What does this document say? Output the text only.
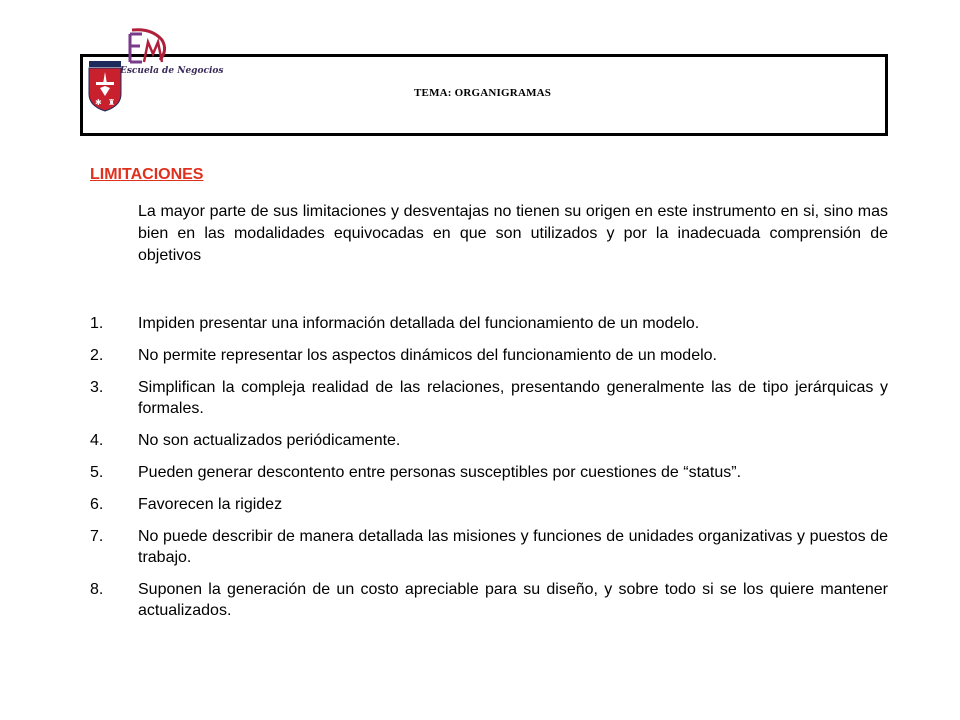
✱ ♜
Escuela de Negocios
TEMA: ORGANIGRAMAS
LIMITACIONES

La mayor parte de sus limitaciones y desventajas no tienen su origen en este instrumento en si, sino mas bien en las modalidades equivocadas en que son utilizados y por la inadecuada comprensión de objetivos

1.	Impiden presentar una información detallada del funcionamiento de un modelo.
2.	No permite representar los aspectos dinámicos del funcionamiento de un modelo.
3.	Simplifican la compleja realidad de las relaciones, presentando generalmente las de tipo jerárquicas y formales.
4.	No son actualizados periódicamente.
5.	Pueden generar descontento entre personas susceptibles por cuestiones de “status”.
6.	Favorecen la rigidez
7.	No puede describir de manera detallada las misiones y funciones de unidades organizativas y puestos de trabajo.
8.	Suponen la generación de un costo apreciable para su diseño, y sobre todo si se los quiere mantener actualizados.
